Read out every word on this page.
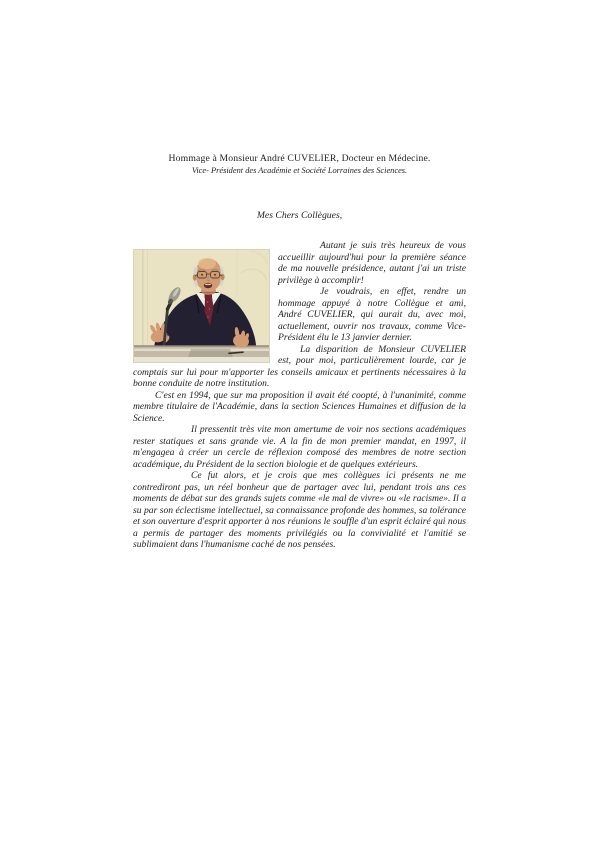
Hommage à Monsieur André CUVELIER, Docteur en Médecine.
Vice- Président des Académie et Société Lorraines des Sciences.
Mes Chers Collègues,

Autant je suis très heureux de vous accueillir aujourd'hui pour la première séance de ma nouvelle présidence, autant j'ai un triste privilège à accomplir!

Je voudrais, en effet, rendre un hommage appuyé à notre Collègue et ami, André CUVELIER, qui aurait du, avec moi, actuellement, ouvrir nos travaux, comme Vice-Président élu le 13 janvier dernier.

La disparition de Monsieur CUVELIER est, pour moi, particulièrement lourde, car je comptais sur lui pour m'apporter les conseils amicaux et pertinents nécessaires à la bonne conduite de notre institution.

C'est en 1994, que sur ma proposition il avait été coopté, à l'unanimité, comme membre titulaire de l'Académie, dans la section Sciences Humaines et diffusion de la Science.

Il pressentit très vite mon amertume de voir nos sections académiques rester statiques et sans grande vie. A la fin de mon premier mandat, en 1997, il m'engagea à créer un cercle de réflexion composé des membres de notre section académique, du Président de la section biologie et de quelques extérieurs.

Ce fut alors, et je crois que mes collègues ici présents ne me contrediront pas, un réel bonheur que de partager avec lui, pendant trois ans ces moments de débat sur des grands sujets comme «le mal de vivre» ou «le racisme». Il a su par son éclectisme intellectuel, sa connaissance profonde des hommes, sa tolérance et son ouverture d'esprit apporter à nos réunions le souffle d'un esprit éclairé qui nous a permis de partager des moments privilégiés ou la convivialité et l'amitié se sublimaient dans l'humanisme caché de nos pensées.
